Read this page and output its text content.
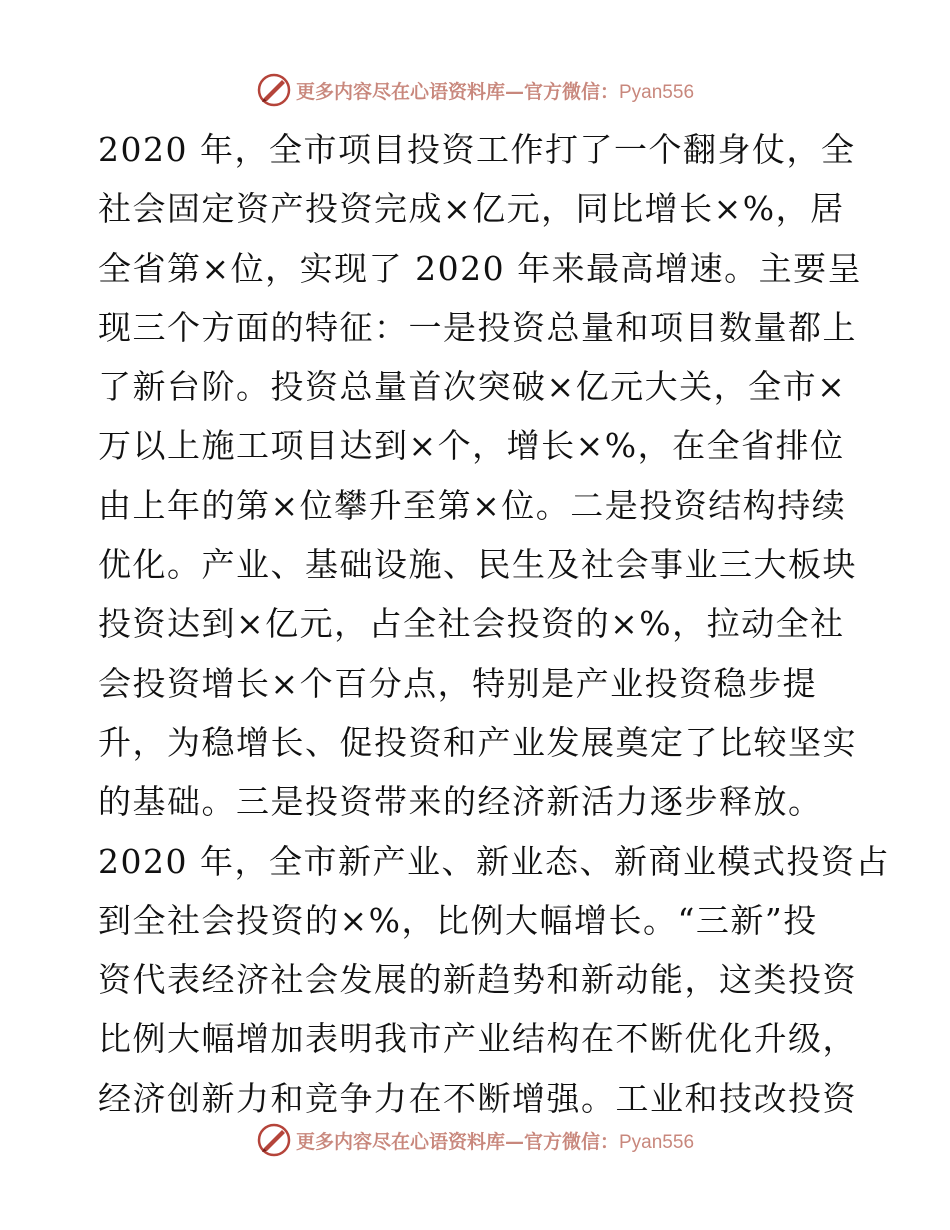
更多内容尽在心语资料库—官方微信：Pyan556
2020 年，全市项目投资工作打了一个翻身仗，全
社会固定资产投资完成×亿元，同比增长×%，居
全省第×位，实现了 2020 年来最高增速。主要呈
现三个方面的特征：一是投资总量和项目数量都上
了新台阶。投资总量首次突破×亿元大关，全市×
万以上施工项目达到×个，增长×%，在全省排位
由上年的第×位攀升至第×位。二是投资结构持续
优化。产业、基础设施、民生及社会事业三大板块
投资达到×亿元，占全社会投资的×%，拉动全社
会投资增长×个百分点，特别是产业投资稳步提
升，为稳增长、促投资和产业发展奠定了比较坚实
的基础。三是投资带来的经济新活力逐步释放。
2020 年，全市新产业、新业态、新商业模式投资占
到全社会投资的×%，比例大幅增长。“三新”投
资代表经济社会发展的新趋势和新动能，这类投资
比例大幅增加表明我市产业结构在不断优化升级，
经济创新力和竞争力在不断增强。工业和技改投资
更多内容尽在心语资料库—官方微信：Pyan556
